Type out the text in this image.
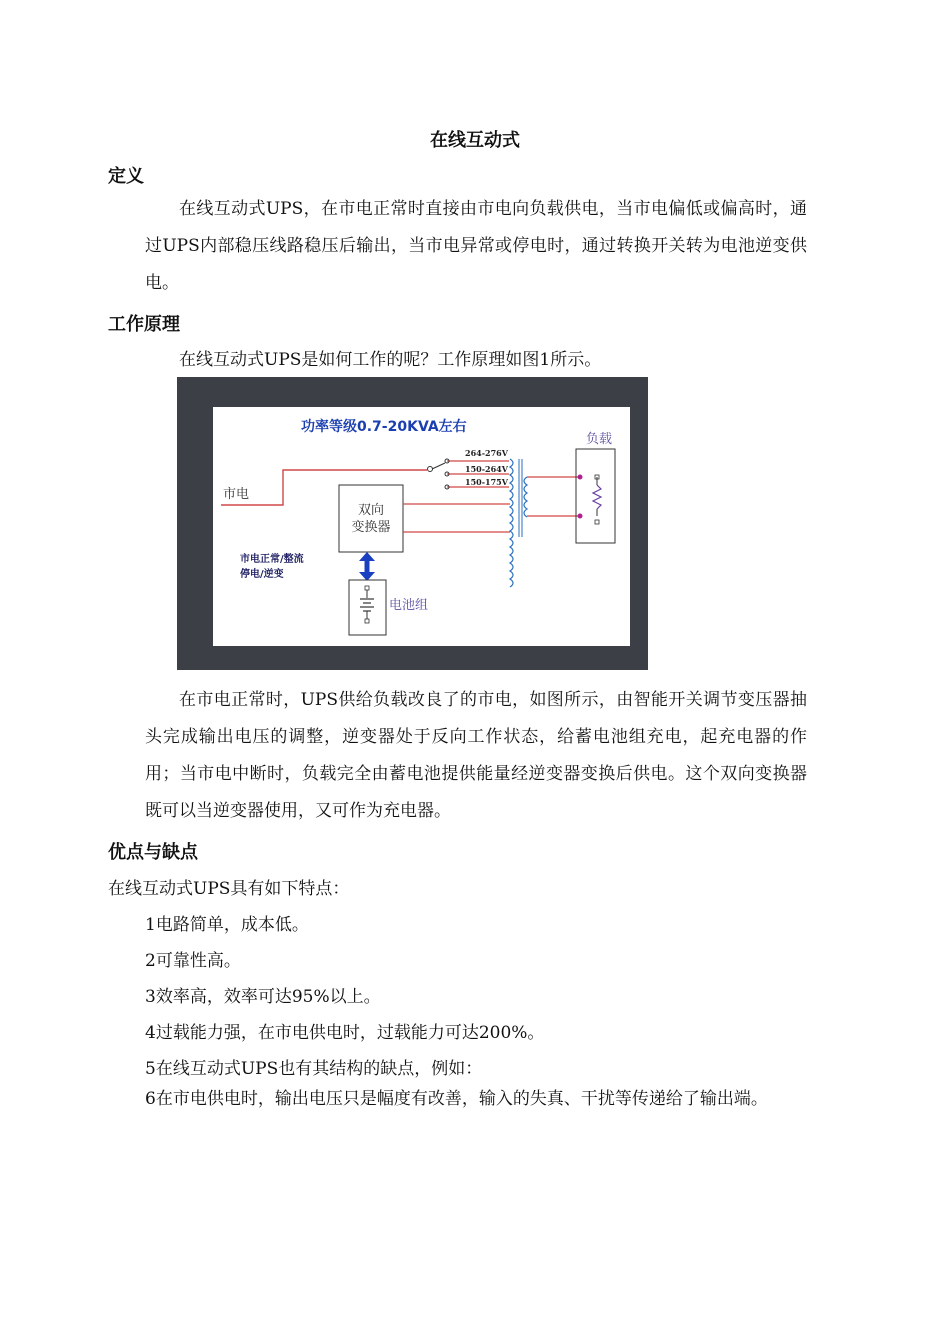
在线互动式
定义

在线互动式UPS，在市电正常时直接由市电向负载供电，当市电偏低或偏高时，通过UPS内部稳压线路稳压后输出，当市电异常或停电时，通过转换开关转为电池逆变供电。

工作原理
在线互动式UPS是如何工作的呢？工作原理如图1所示。
功率等级0.7-20KVA左右
市电
264-276V
150-264V
150-175V
负载
双向
变换器
市电正常/整流
停电/逆变
电池组

在市电正常时，UPS供给负载改良了的市电，如图所示，由智能开关调节变压器抽头完成输出电压的调整，逆变器处于反向工作状态，给蓄电池组充电，起充电器的作用；当市电中断时，负载完全由蓄电池提供能量经逆变器变换后供电。这个双向变换器既可以当逆变器使用，又可作为充电器。

优点与缺点
在线互动式UPS具有如下特点：
1电路简单，成本低。
2可靠性高。
3效率高，效率可达95%以上。
4过载能力强，在市电供电时，过载能力可达200%。
5在线互动式UPS也有其结构的缺点，例如：

6在市电供电时，输出电压只是幅度有改善，输入的失真、干扰等传递给了输出端。
